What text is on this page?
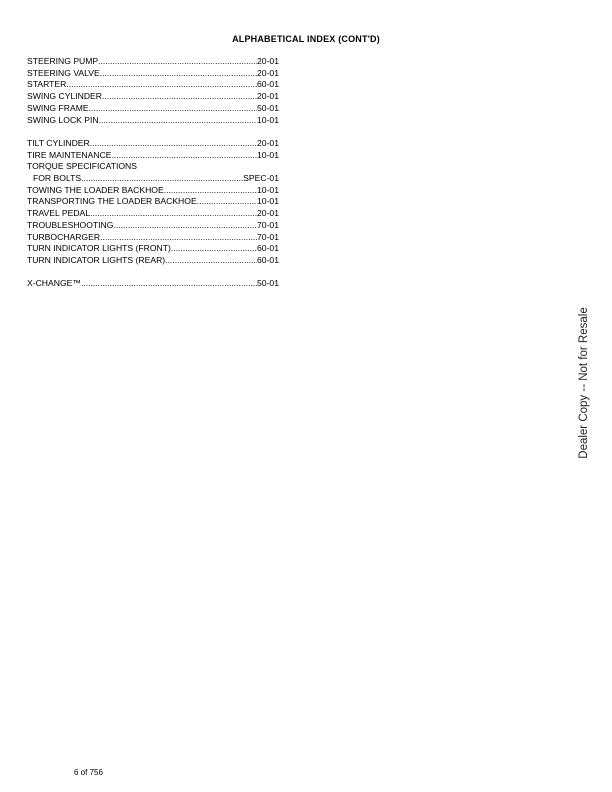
ALPHABETICAL INDEX (CONT'D)
STEERING PUMP .....	20-01
STEERING VALVE .....	20-01
STARTER .....	60-01
SWING CYLINDER .....	20-01
SWING FRAME .....	50-01
SWING LOCK PIN .....	10-01
TILT CYLINDER .....	20-01
TIRE MAINTENANCE .....	10-01
TORQUE SPECIFICATIONS
FOR BOLTS .....	SPEC-01
TOWING THE LOADER BACKHOE .....	10-01
TRANSPORTING THE LOADER BACKHOE .....	10-01
TRAVEL PEDAL .....	20-01
TROUBLESHOOTING .....	70-01
TURBOCHARGER .....	70-01
TURN INDICATOR LIGHTS (FRONT) .....	60-01
TURN INDICATOR LIGHTS (REAR) .....	60-01
X-CHANGE™ .....	50-01
Dealer Copy -- Not for Resale
6 of 756
